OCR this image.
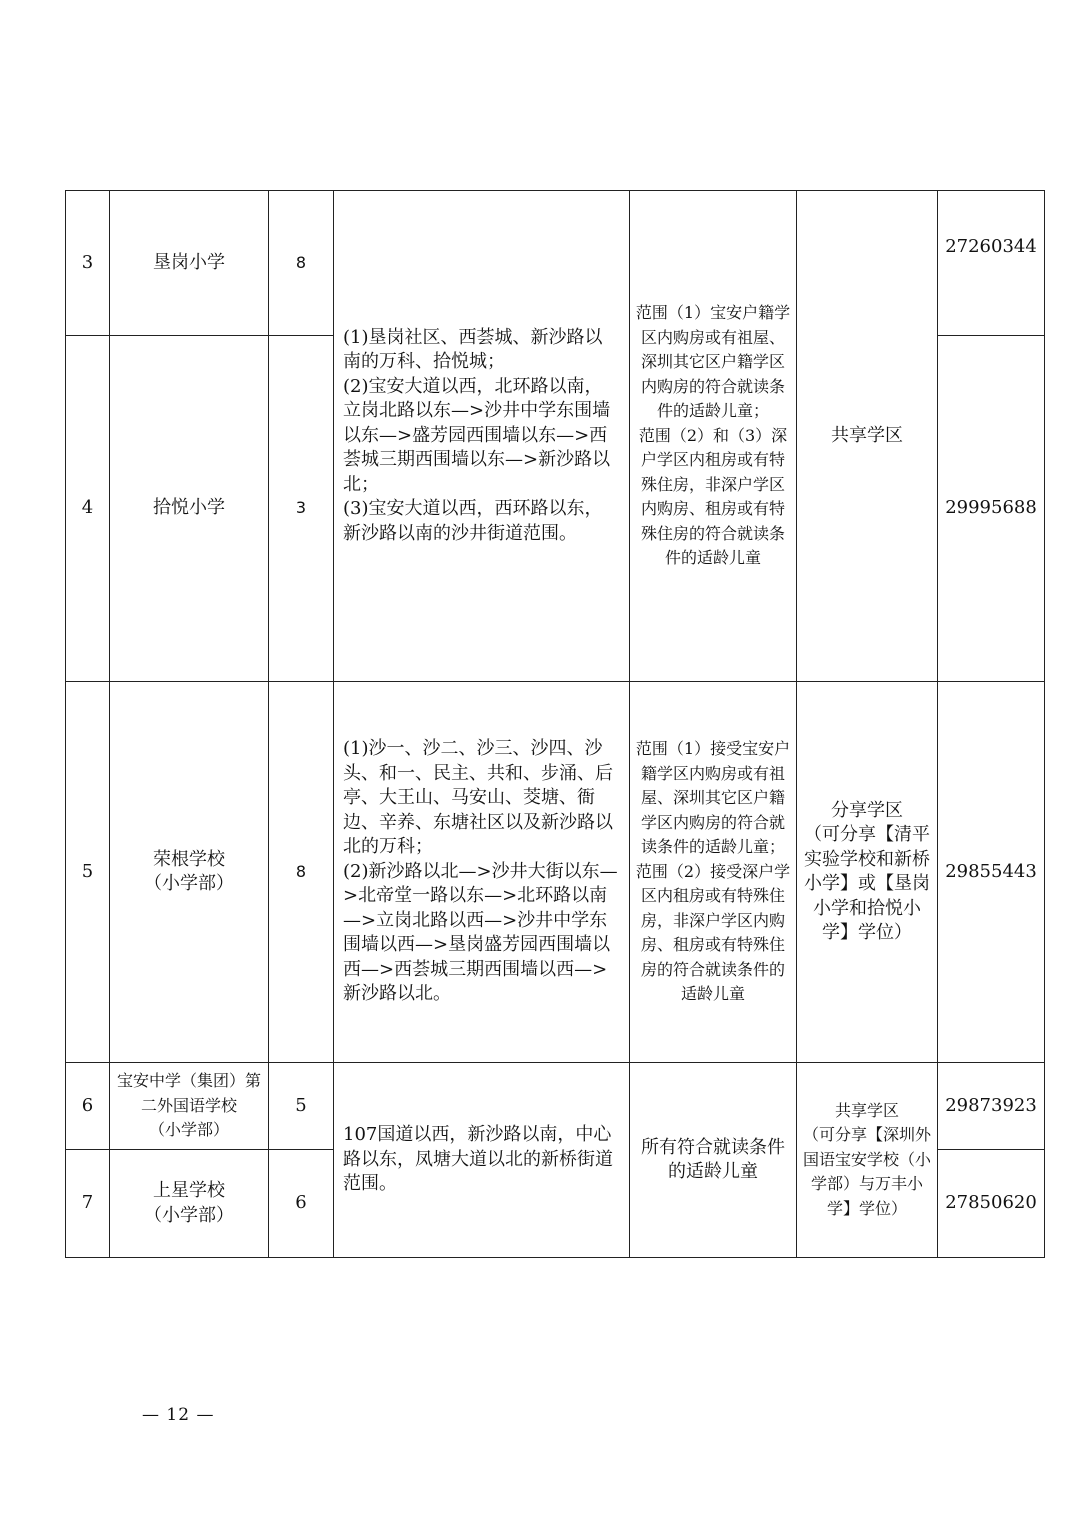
3	垦岗小学	8	(1)垦岗社区、西荟城、新沙路以南的万科、拾悦城；
(2)宝安大道以西，北环路以南，立岗北路以东—>沙井中学东围墙以东—>盛芳园西围墙以东—>西荟城三期西围墙以东—>新沙路以北；
(3)宝安大道以西，西环路以东，新沙路以南的沙井街道范围。	范围（1）宝安户籍学区内购房或有祖屋、深圳其它区户籍学区内购房的符合就读条件的适龄儿童；
范围（2）和（3）深户学区内租房或有特殊住房，非深户学区内购房、租房或有特殊住房的符合就读条件的适龄儿童	共享学区	27260344
4	拾悦小学	3				29995688
5	荣根学校
（小学部）	8	(1)沙一、沙二、沙三、沙四、沙头、和一、民主、共和、步涌、后亭、大王山、马安山、茭塘、衙边、辛养、东塘社区以及新沙路以北的万科；
(2)新沙路以北—>沙井大街以东—>北帝堂一路以东—>北环路以南—>立岗北路以西—>沙井中学东围墙以西—>垦岗盛芳园西围墙以西—>西荟城三期西围墙以西—>新沙路以北。	范围（1）接受宝安户籍学区内购房或有祖屋、深圳其它区户籍学区内购房的符合就读条件的适龄儿童；
范围（2）接受深户学区内租房或有特殊住房，非深户学区内购房、租房或有特殊住房的符合就读条件的适龄儿童	分享学区
（可分享【清平实验学校和新桥小学】或【垦岗小学和拾悦小学】学位）	29855443
6	宝安中学（集团）第二外国语学校
（小学部）	5	107国道以西，新沙路以南，中心路以东，凤塘大道以北的新桥街道范围。	所有符合就读条件的适龄儿童	共享学区
（可分享【深圳外国语宝安学校（小学部）与万丰小学】学位）	29873923
7	上星学校
（小学部）	6				27850620
— 12 —
